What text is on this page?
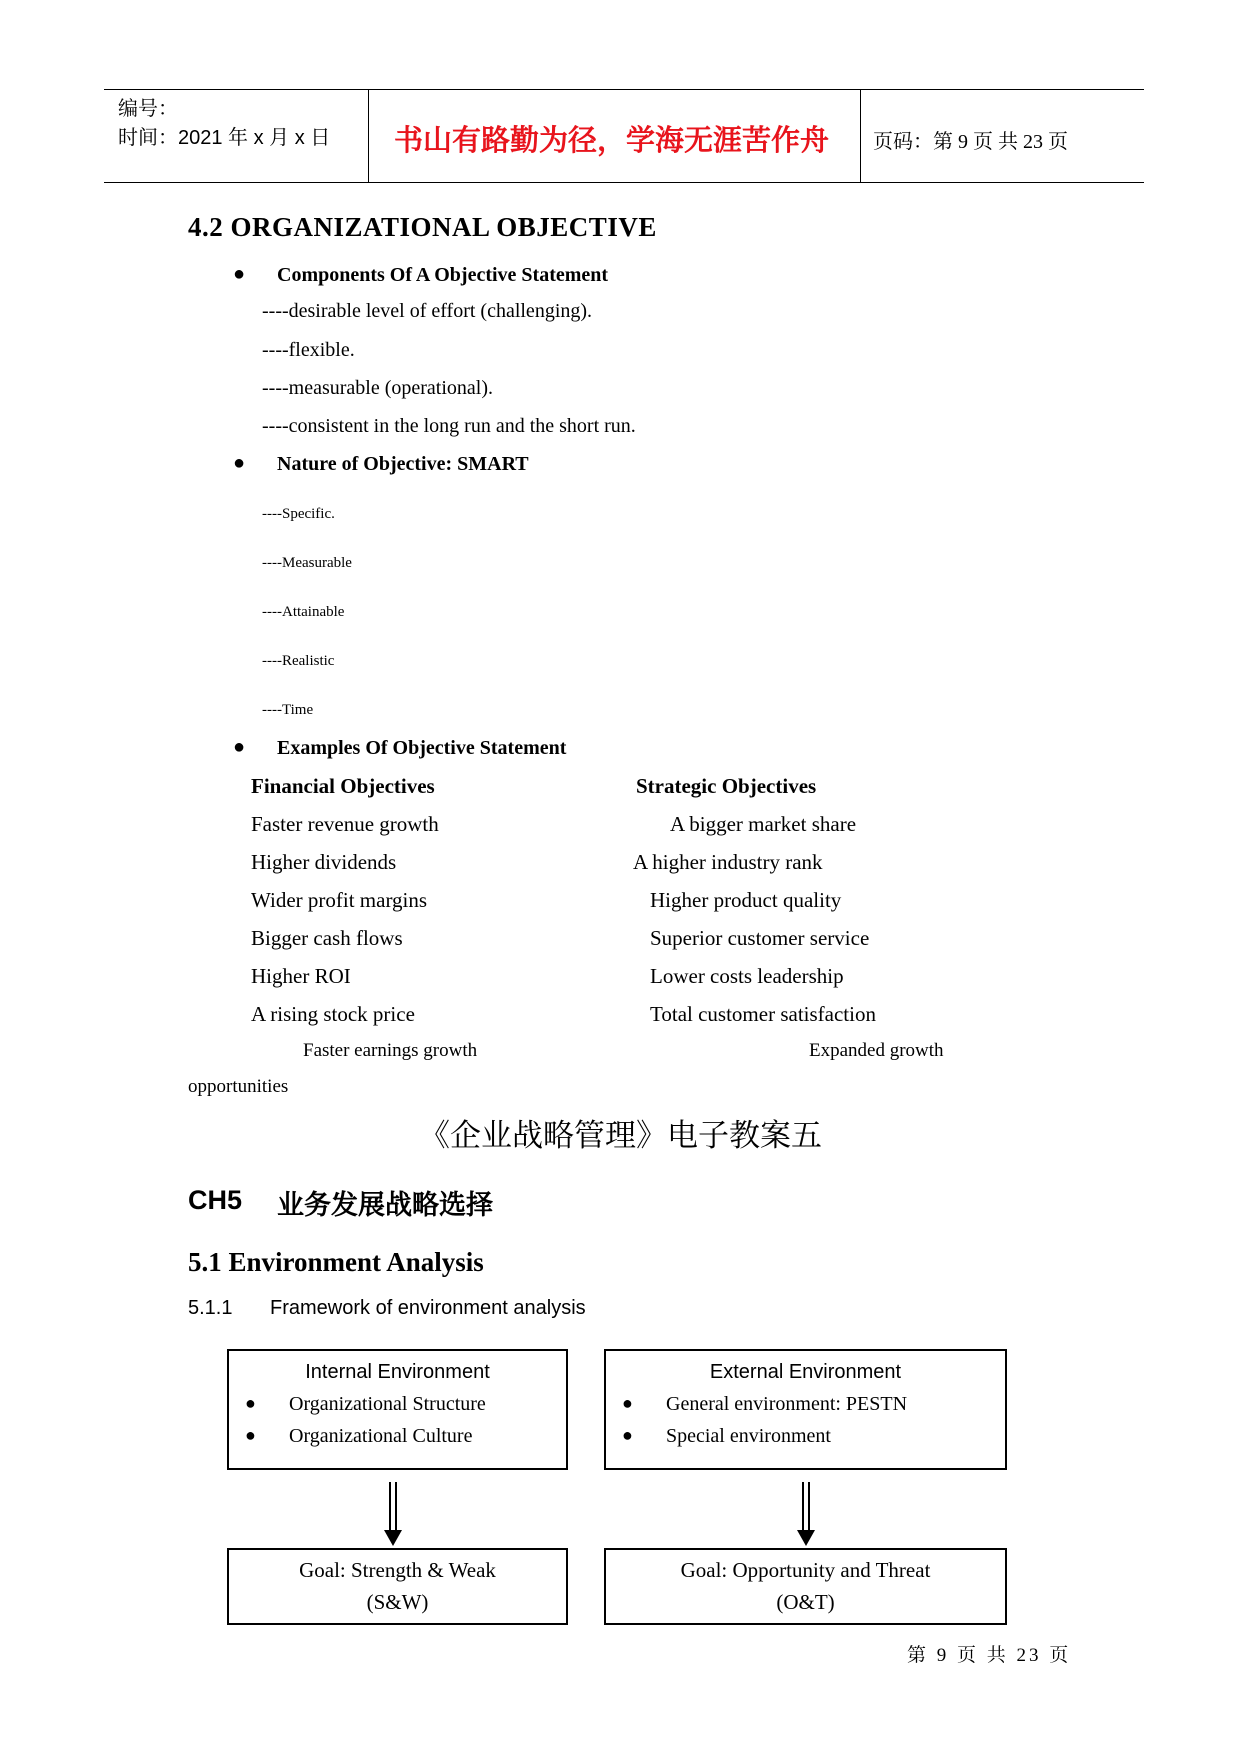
编号：
时间：2021 年 x 月 x 日 书山有路勤为径，学海无涯苦作舟 页码：第 9 页 共 23 页
4.2 ORGANIZATIONAL OBJECTIVE
● Components Of A Objective Statement
----desirable level of effort (challenging).
----flexible.
----measurable (operational).
----consistent in the long run and the short run.
● Nature of Objective: SMART
----Specific.
----Measurable
----Attainable
----Realistic
----Time
● Examples Of Objective Statement
Financial Objectives	Strategic Objectives
Faster revenue growth
Higher dividends
Wider profit margins
Bigger cash flows
Higher ROI
A rising stock price
Faster earnings growth
A bigger market share
A higher industry rank
Higher product quality
Superior customer service
Lower costs leadership
Total customer satisfaction
Expanded growth
opportunities
《企业战略管理》电子教案五
CH5 业务发展战略选择
5.1 Environment Analysis
5.1.1 Framework of environment analysis
Internal Environment
● Organizational Structure
● Organizational Culture
External Environment
● General environment: PESTN
● Special environment
Goal: Strength & Weak
(S&W)
Goal: Opportunity and Threat
(O&T)
第 9 页 共 23 页
